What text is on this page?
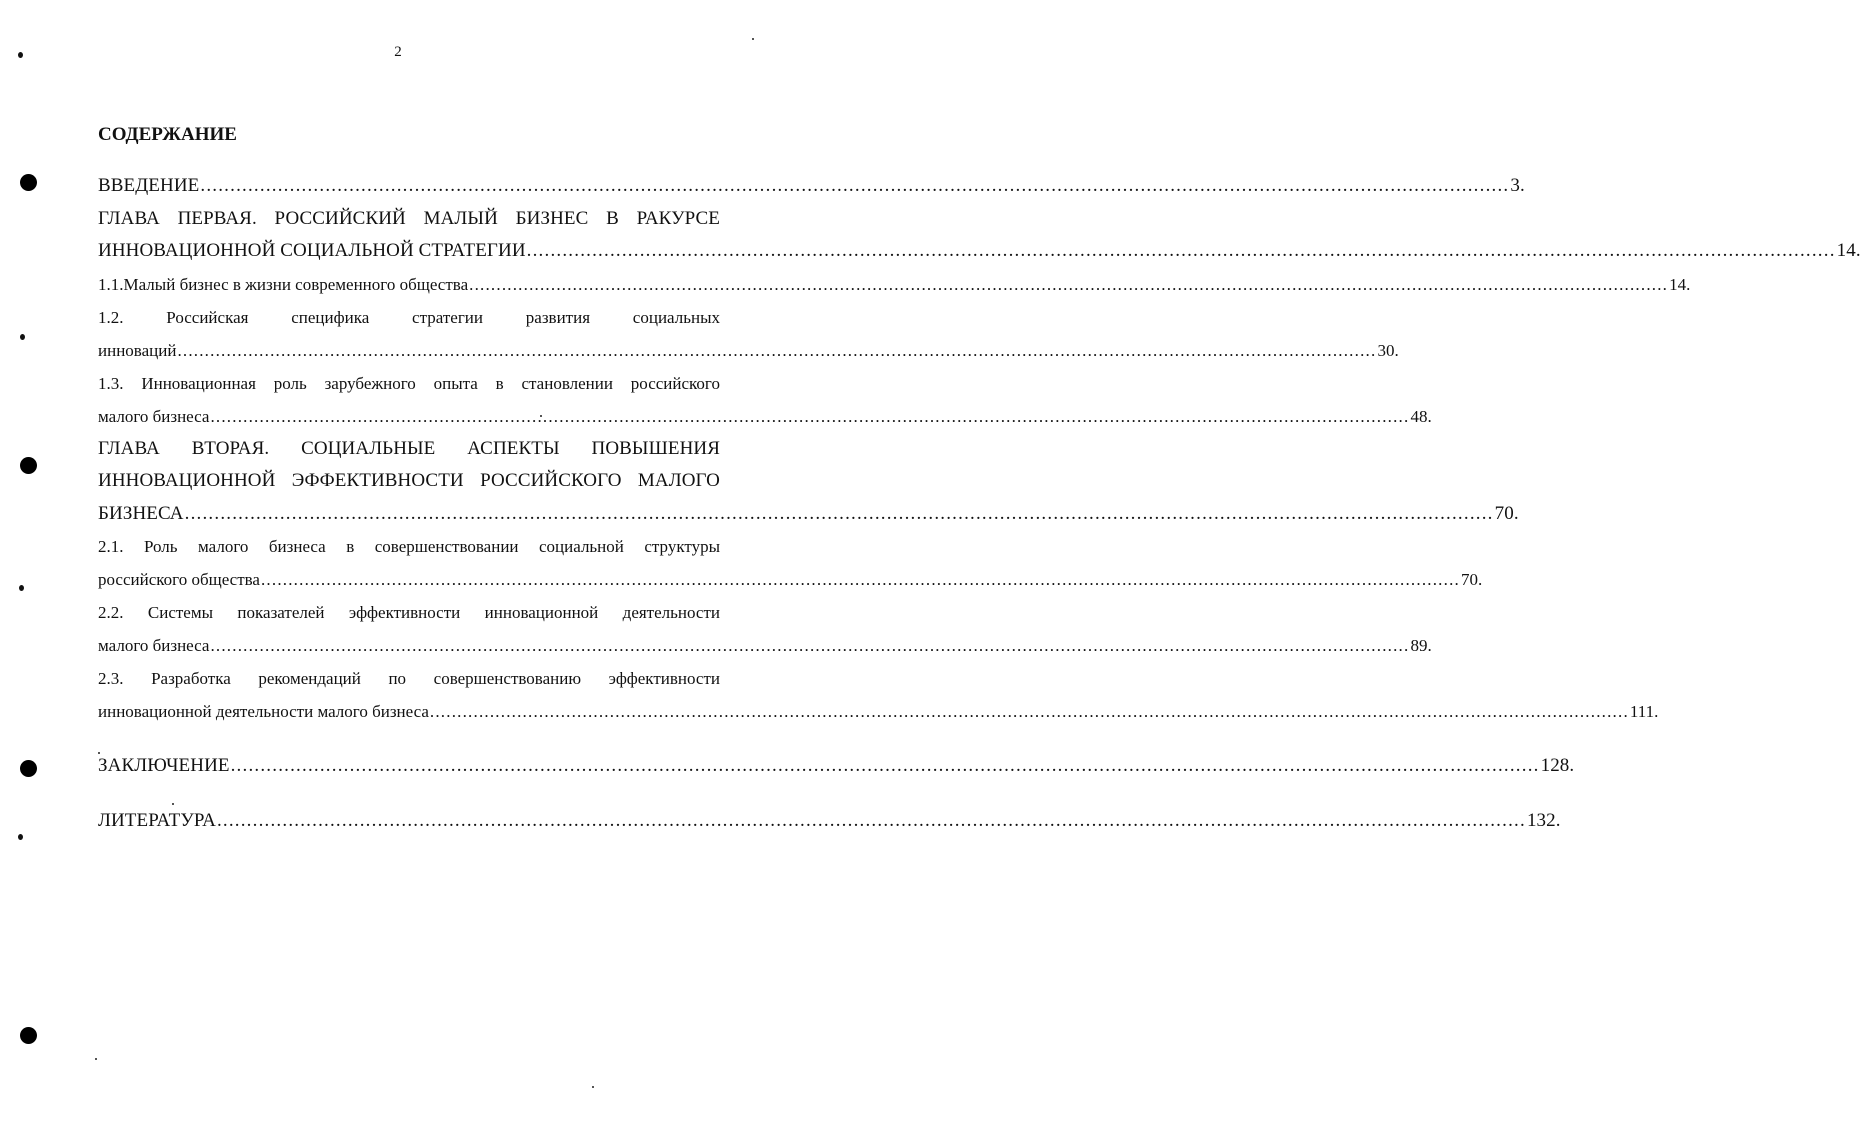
2
СОДЕРЖАНИЕ
ВВЕДЕНИЕ ............................................................................................................................................................................................................................ 3.
ГЛАВА ПЕРВАЯ. РОССИЙСКИЙ МАЛЫЙ БИЗНЕС В РАКУРСЕ
ИННОВАЦИОННОЙ СОЦИАЛЬНОЙ СТРАТЕГИИ ............................................................................................................................................................................................................................ 14.
1.1.Малый бизнес в жизни современного общества ............................................................................................................................................................................................................................ 14.
1.2. Российская специфика стратегии развития социальных
инноваций ............................................................................................................................................................................................................................ 30.
1.3. Инновационная роль зарубежного опыта в становлении российского
малого бизнеса ............................................................................................................................................................................................................................ 48.
ГЛАВА ВТОРАЯ. СОЦИАЛЬНЫЕ АСПЕКТЫ ПОВЫШЕНИЯ
ИННОВАЦИОННОЙ ЭФФЕКТИВНОСТИ РОССИЙСКОГО МАЛОГО
БИЗНЕСА ............................................................................................................................................................................................................................ 70.
2.1. Роль малого бизнеса в совершенствовании социальной структуры
российского общества ............................................................................................................................................................................................................................ 70.
2.2. Системы показателей эффективности инновационной деятельности
малого бизнеса ............................................................................................................................................................................................................................ 89.
2.3. Разработка рекомендаций по совершенствованию эффективности
инновационной деятельности малого бизнеса ............................................................................................................................................................................................................................ 111.
ЗАКЛЮЧЕНИЕ ............................................................................................................................................................................................................................ 128.
ЛИТЕРАТУРА ............................................................................................................................................................................................................................ 132.
